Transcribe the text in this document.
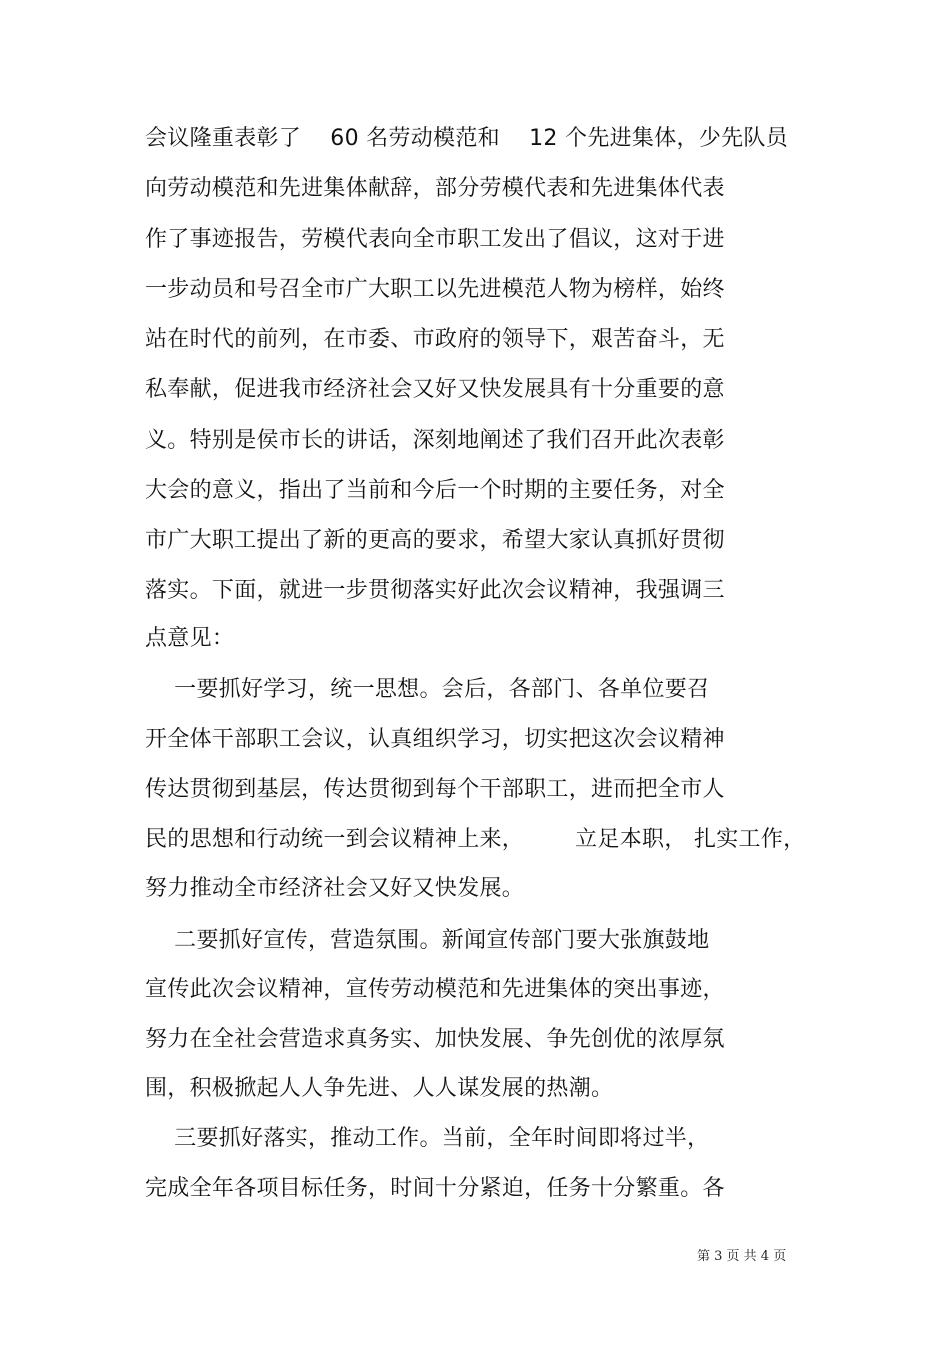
会议隆重表彰了    60 名劳动模范和    12 个先进集体，少先队员
向劳动模范和先进集体献辞，部分劳模代表和先进集体代表
作了事迹报告，劳模代表向全市职工发出了倡议，这对于进
一步动员和号召全市广大职工以先进模范人物为榜样，始终
站在时代的前列，在市委、市政府的领导下，艰苦奋斗，无
私奉献，促进我市经济社会又好又快发展具有十分重要的意
义。特别是侯市长的讲话，深刻地阐述了我们召开此次表彰
大会的意义，指出了当前和今后一个时期的主要任务，对全
市广大职工提出了新的更高的要求，希望大家认真抓好贯彻
落实。下面，就进一步贯彻落实好此次会议精神，我强调三
点意见：
一要抓好学习，统一思想。会后，各部门、各单位要召
开全体干部职工会议，认真组织学习，切实把这次会议精神
传达贯彻到基层，传达贯彻到每个干部职工，进而把全市人
民的思想和行动统一到会议精神上来，       立足本职， 扎实工作，
努力推动全市经济社会又好又快发展。
二要抓好宣传，营造氛围。新闻宣传部门要大张旗鼓地
宣传此次会议精神，宣传劳动模范和先进集体的突出事迹，
努力在全社会营造求真务实、加快发展、争先创优的浓厚氛
围，积极掀起人人争先进、人人谋发展的热潮。
三要抓好落实，推动工作。当前，全年时间即将过半，
完成全年各项目标任务，时间十分紧迫，任务十分繁重。各
第 3 页 共 4 页
